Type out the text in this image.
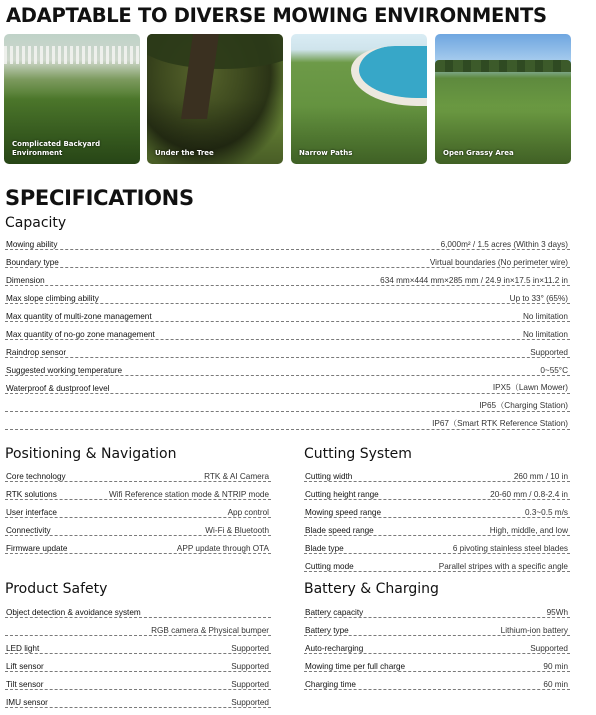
ADAPTABLE TO DIVERSE MOWING ENVIRONMENTS
Complicated Backyard Environment	Under the Tree	Narrow Paths	Open Grassy Area
SPECIFICATIONS
Capacity
Mowing ability	6,000m² / 1.5 acres (Within 3 days)
Boundary type	Virtual boundaries (No perimeter wire)
Dimension	634 mm×444 mm×285 mm / 24.9 in×17.5 in×11.2 in
Max slope climbing ability	Up to 33° (65%)
Max quantity of multi-zone management	No limitation
Max quantity of no-go zone management	No limitation
Raindrop sensor	Supported
Suggested working temperature	0~55°C
Waterproof & dustproof level	IPX5（Lawn Mower)
IP65（Charging Station)
IP67（Smart RTK Reference Station)
Positioning & Navigation
Core technology	RTK & AI Camera
RTK solutions	Wifi Reference station mode & NTRIP mode
User interface	App control
Connectivity	Wi-Fi & Bluetooth
Firmware update	APP update through OTA
Cutting System
Cutting width	260 mm / 10 in
Cutting height range	20-60 mm / 0.8-2.4 in
Mowing speed range	0.3~0.5 m/s
Blade speed range	High, middle, and low
Blade type	6 pivoting stainless steel blades
Cutting mode	Parallel stripes with a specific angle
Product Safety
Object detection & avoidance system
RGB camera & Physical bumper
LED light	Supported
Lift sensor	Supported
Tilt sensor	Supported
IMU sensor	Supported
Battery & Charging
Battery capacity	95Wh
Battery type	Lithium-ion battery
Auto-recharging	Supported
Mowing time per full charge	90 min
Charging time	60 min
